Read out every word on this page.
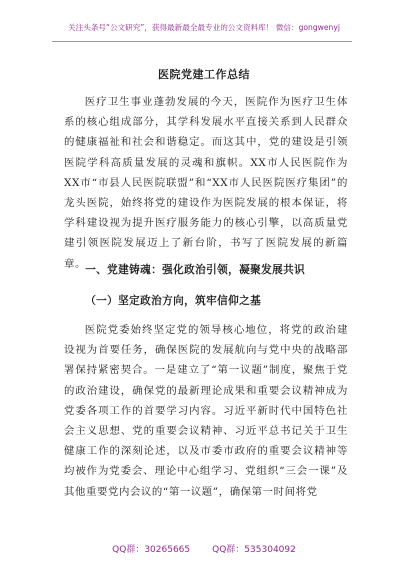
关注头条号“公文研究”，获得最新最全最专业的公文资料库！ 微信：gongwenyj
医院党建工作总结

医疗卫生事业蓬勃发展的今天，医院作为医疗卫生体系的核心组成部分，其学科发展水平直接关系到人民群众的健康福祉和社会和谐稳定。而这其中，党的建设是引领医院学科高质量发展的灵魂和旗帜。XX市人民医院作为XX市“市县人民医院联盟”和“XX市人民医院医疗集团”的龙头医院，始终将党的建设作为医院发展的根本保证，将学科建设视为提升医疗服务能力的核心引擎，以高质量党建引领医院发展迈上了新台阶，书写了医院发展的新篇章。

一、党建铸魂：强化政治引领，凝聚发展共识
（一）坚定政治方向，筑牢信仰之基

医院党委始终坚定党的领导核心地位，将党的政治建设视为首要任务，确保医院的发展航向与党中央的战略部署保持紧密契合。一是建立了“第一议题”制度，聚焦于党的政治建设，确保党的最新理论成果和重要会议精神成为党委各项工作的首要学习内容。习近平新时代中国特色社会主义思想、党的重要会议精神、习近平总书记关于卫生健康工作的深刻论述，以及市委市政府的重要会议精神等均被作为党委会、理论中心组学习、党组织“三会一课”及其他重要党内会议的“第一议题”，确保第一时间将党

QQ群：30265665 QQ群：535304092
